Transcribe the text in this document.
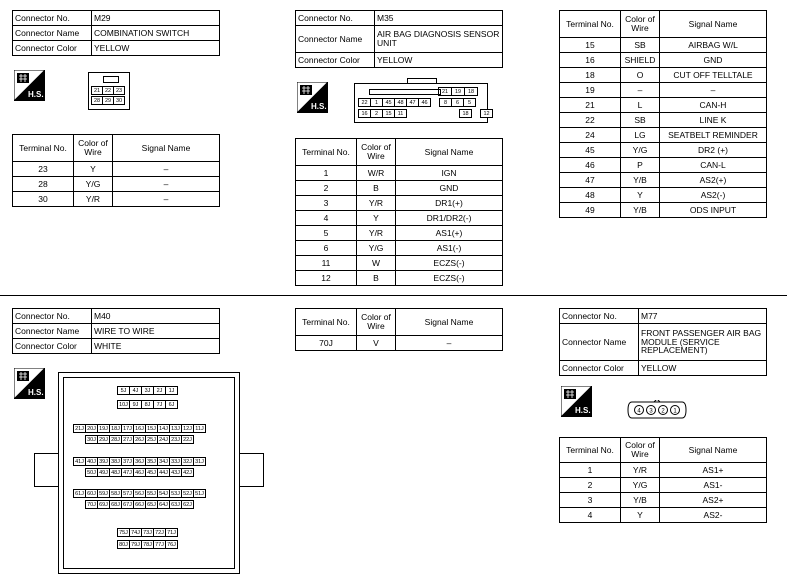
Connector No.	M29
Connector Name	COMBINATION SWITCH
Connector Color	YELLOW
H.S.	21 22 23
28 29 30
Terminal No.	Color of Wire	Signal Name
23	Y	–
28	Y/G	–
30	Y/R	–
Connector No.	M35
Connector Name	AIR BAG DIAGNOSIS SENSOR UNIT
Connector Color	YELLOW
H.S.
21	19	18
22	1	45	48	47	46	8	6	5
16	2	15	11	18	12
Terminal No.	Color of Wire	Signal Name
1	W/R	IGN
2	B	GND
3	Y/R	DR1(+)
4	Y	DR1/DR2(-)
5	Y/R	AS1(+)
6	Y/G	AS1(-)
11	W	ECZS(-)
12	B	ECZS(-)
Terminal No.	Color of Wire	Signal Name
15	SB	AIRBAG W/L
16	SHIELD	GND
18	O	CUT OFF TELLTALE
19	–	–
21	L	CAN-H
22	SB	LINE K
24	LG	SEATBELT REMINDER
45	Y/G	DR2 (+)
46	P	CAN-L
47	Y/B	AS2(+)
48	Y	AS2(-)
49	Y/B	ODS INPUT
Connector No.	M40
Connector Name	WIRE TO WIRE
Connector Color	WHITE
H.S.	5J	4J	3J	2J	1J
10J 9J	8J	7J	6J
21J 20J 19J 18J 17J 16J 15J 14J 13J 12J 11J
30J 29J 28J 27J 26J 25J 24J 23J 22J
41J 40J 39J 38J 37J 36J 35J 34J 33J 32J 31J
50J 49J 48J 47J 46J 45J 44J 43J 42J
61J 60J 59J 58J 57J 56J 55J 54J 53J 52J 51J
70J 69J 68J 67J 66J 65J 64J 63J 62J
75J 74J 73J 72J 71J
80J 79J 78J 77J 76J
Terminal No.	Color of Wire	Signal Name
70J	V	–
Connector No.	M77
Connector Name	FRONT PASSENGER AIR BAG MODULE (SERVICE REPLACEMENT)
Connector Color	YELLOW
H.S.	4 3 2 1
Terminal No.	Color of Wire	Signal Name
1	Y/R	AS1+
2	Y/G	AS1-
3	Y/B	AS2+
4	Y	AS2-
